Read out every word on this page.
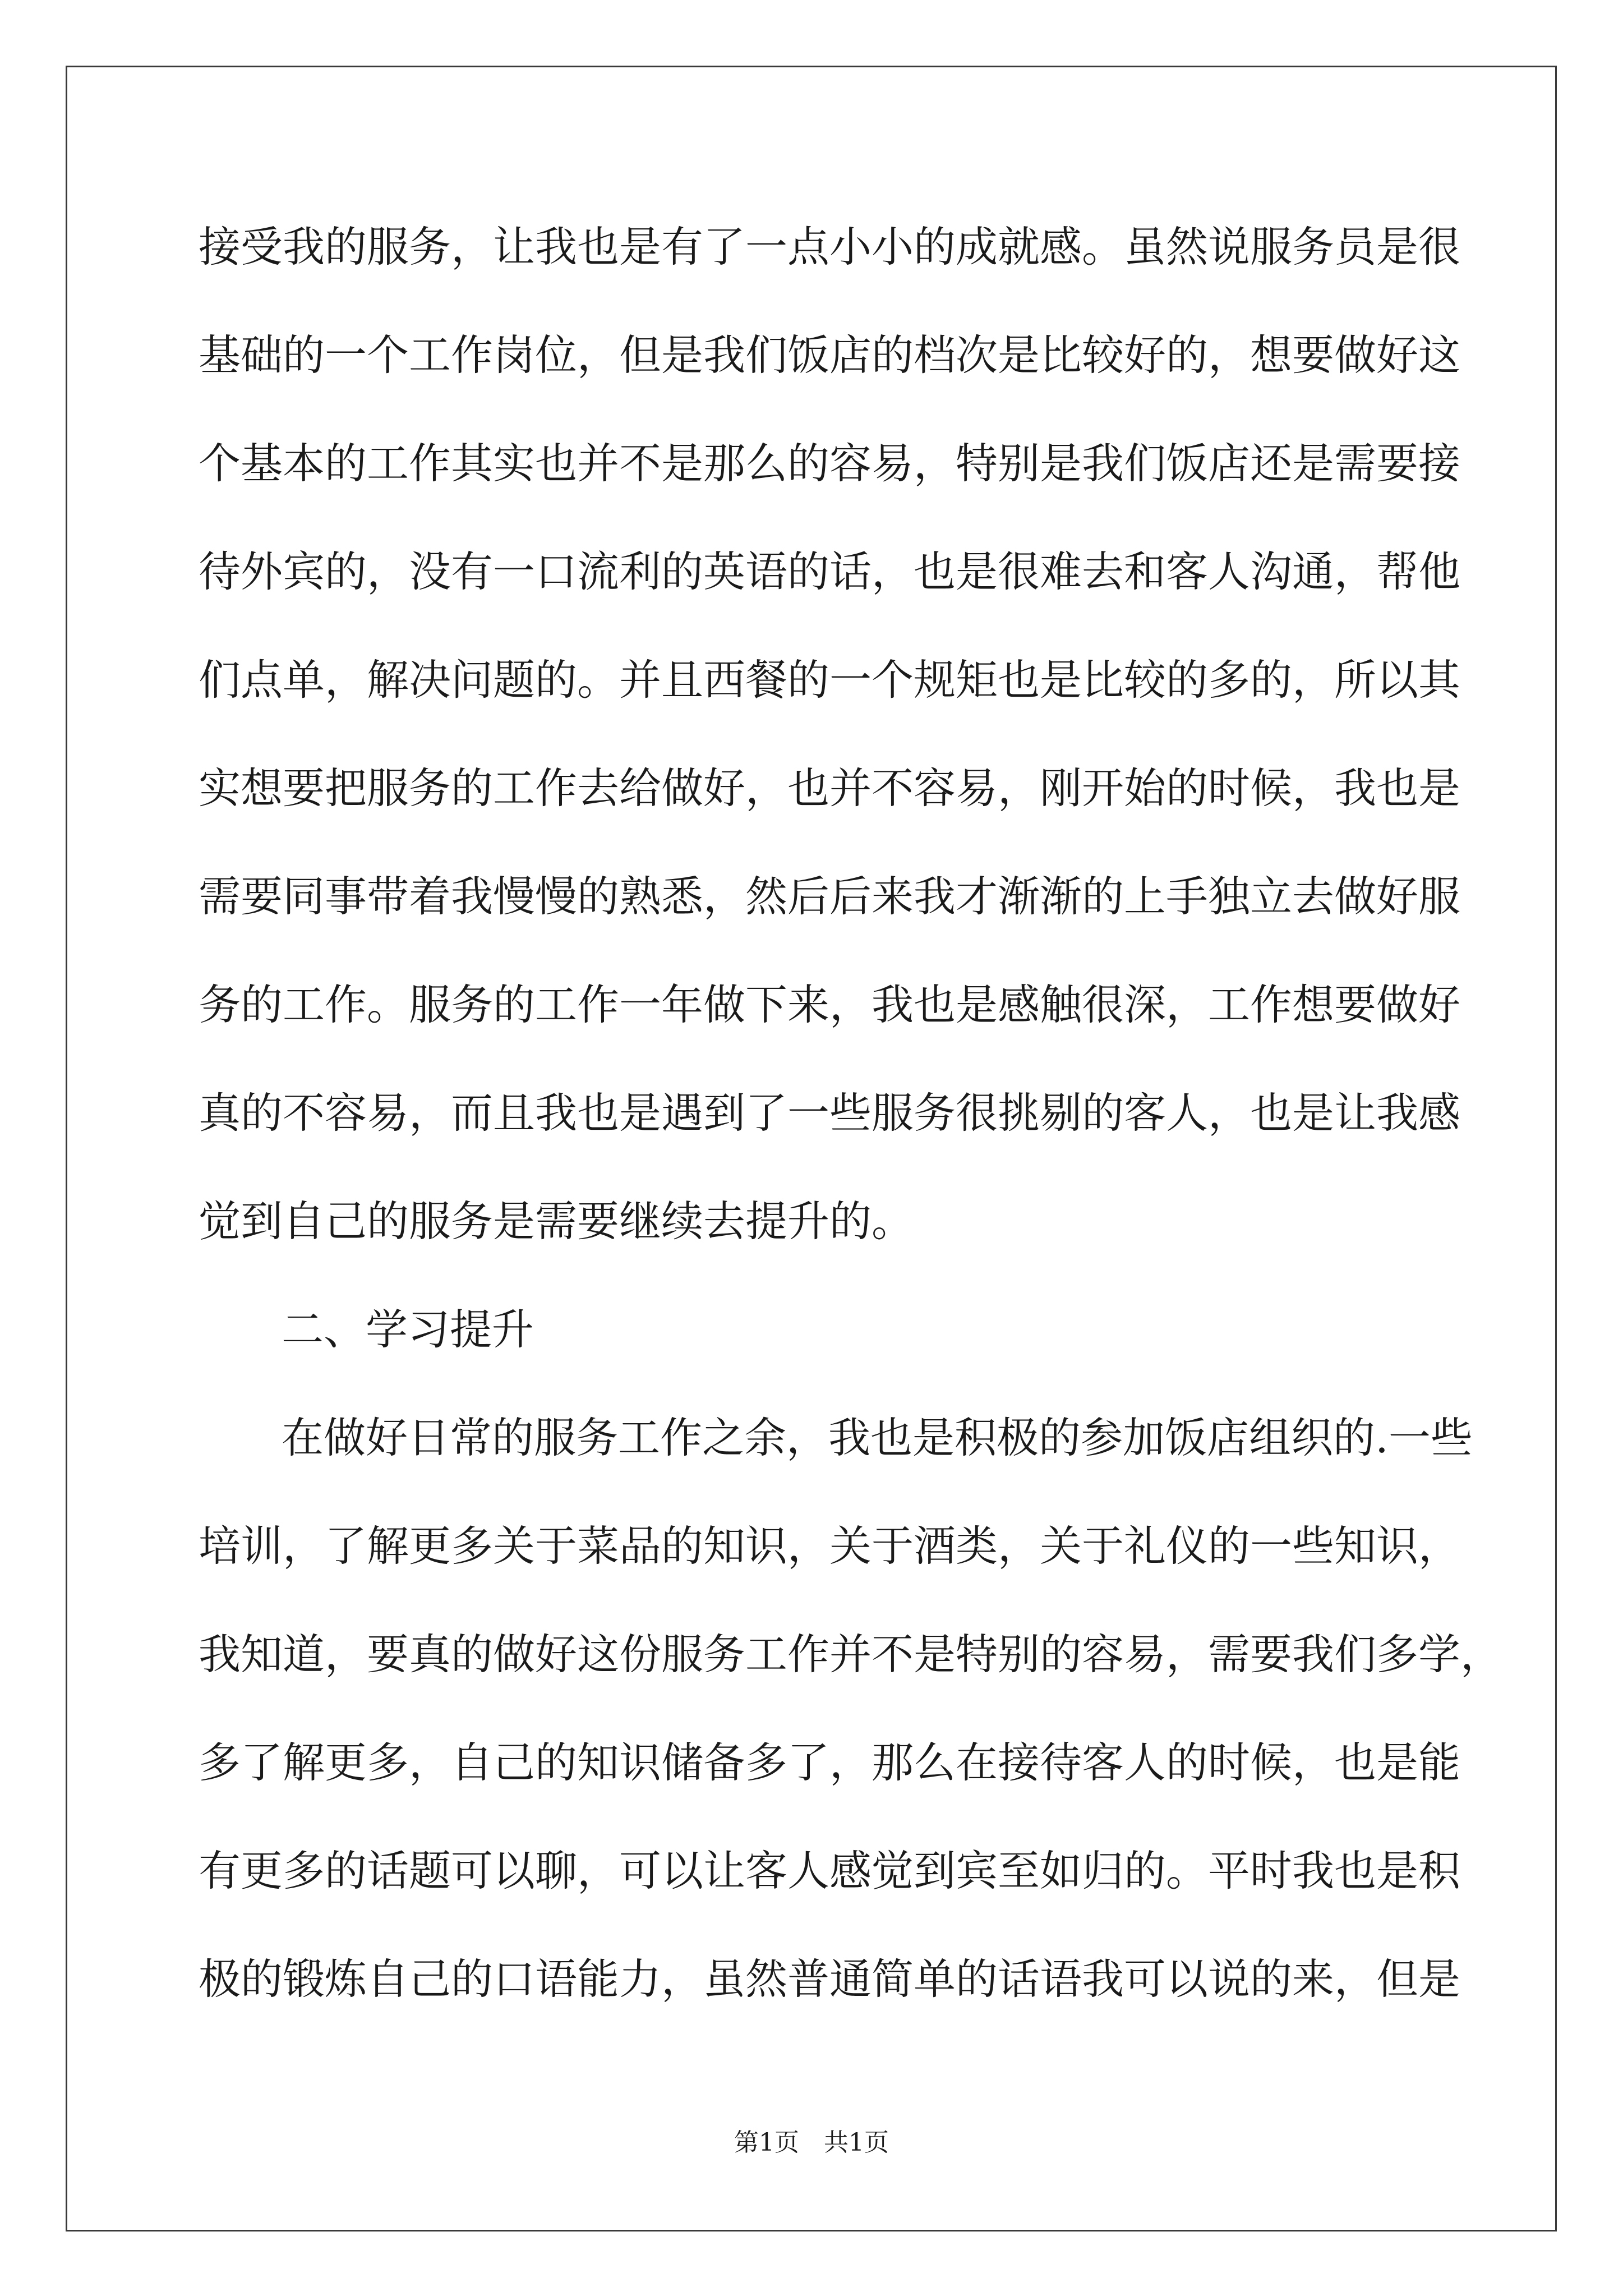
接受我的服务，让我也是有了一点小小的成就感。虽然说服务员是很
基础的一个工作岗位，但是我们饭店的档次是比较好的，想要做好这
个基本的工作其实也并不是那么的容易，特别是我们饭店还是需要接
待外宾的，没有一口流利的英语的话，也是很难去和客人沟通，帮他
们点单，解决问题的。并且西餐的一个规矩也是比较的多的，所以其
实想要把服务的工作去给做好，也并不容易，刚开始的时候，我也是
需要同事带着我慢慢的熟悉，然后后来我才渐渐的上手独立去做好服
务的工作。服务的工作一年做下来，我也是感触很深，工作想要做好
真的不容易，而且我也是遇到了一些服务很挑剔的客人，也是让我感
觉到自己的服务是需要继续去提升的。
二、学习提升
在做好日常的服务工作之余，我也是积极的参加饭店组织的.一些
培训，了解更多关于菜品的知识，关于酒类，关于礼仪的一些知识，
我知道，要真的做好这份服务工作并不是特别的容易，需要我们多学，
多了解更多，自己的知识储备多了，那么在接待客人的时候，也是能
有更多的话题可以聊，可以让客人感觉到宾至如归的。平时我也是积
极的锻炼自己的口语能力，虽然普通简单的话语我可以说的来，但是
第1页 共1页
